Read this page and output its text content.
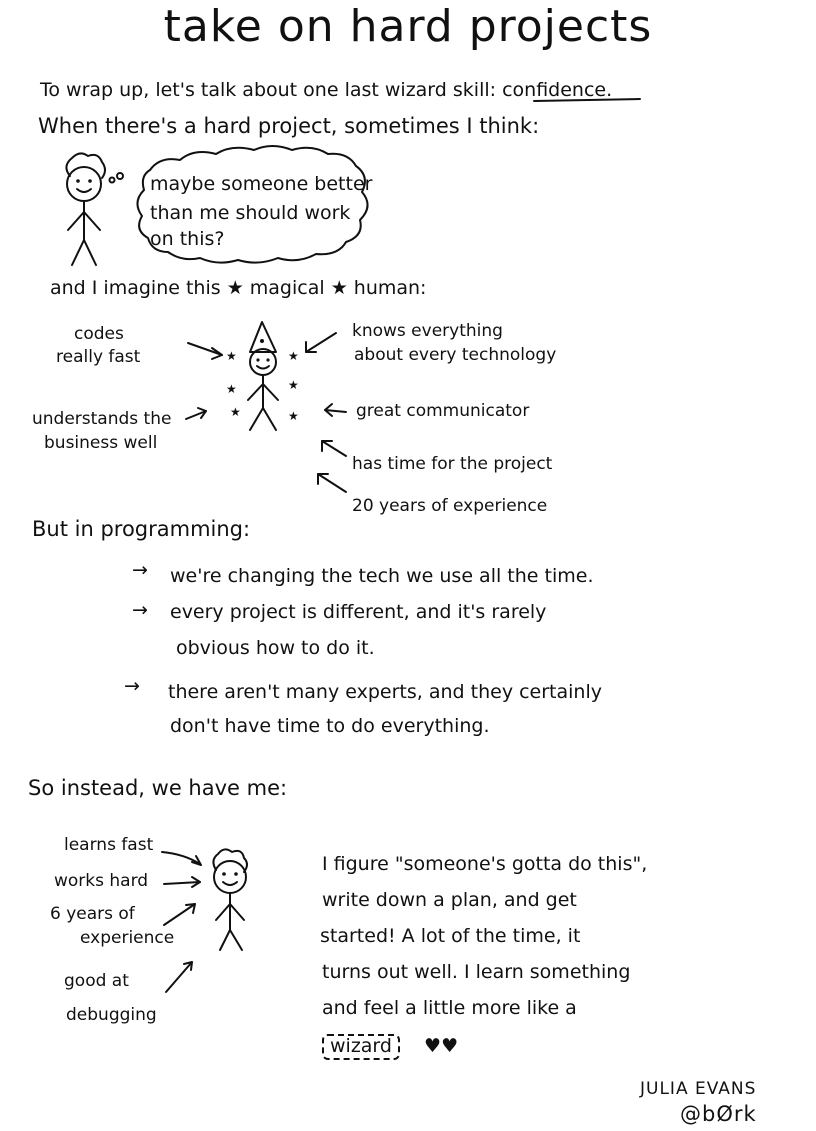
★	★
★	★
★	★
take on hard projects
To wrap up, let's talk about one last wizard skill: confidence.
When there's a hard project, sometimes I think:
maybe someone better
than me should work
on this?
and I imagine this ★ magical ★ human:
codes
really fast
knows everything
about every technology
understands the
business well
great communicator
has time for the project
20 years of experience
But in programming:
→ we're changing the tech we use all the time.
→ every project is different, and it's rarely
obvious how to do it.
→ there aren't many experts, and they certainly
don't have time to do everything.
So instead, we have me:
learns fast
works hard
6 years of
experience
good at
debugging
I figure "someone's gotta do this",
write down a plan, and get
started! A lot of the time, it
turns out well. I learn something
and feel a little more like a
wizard ♥♥
JULIA EVANS
@bØrk
